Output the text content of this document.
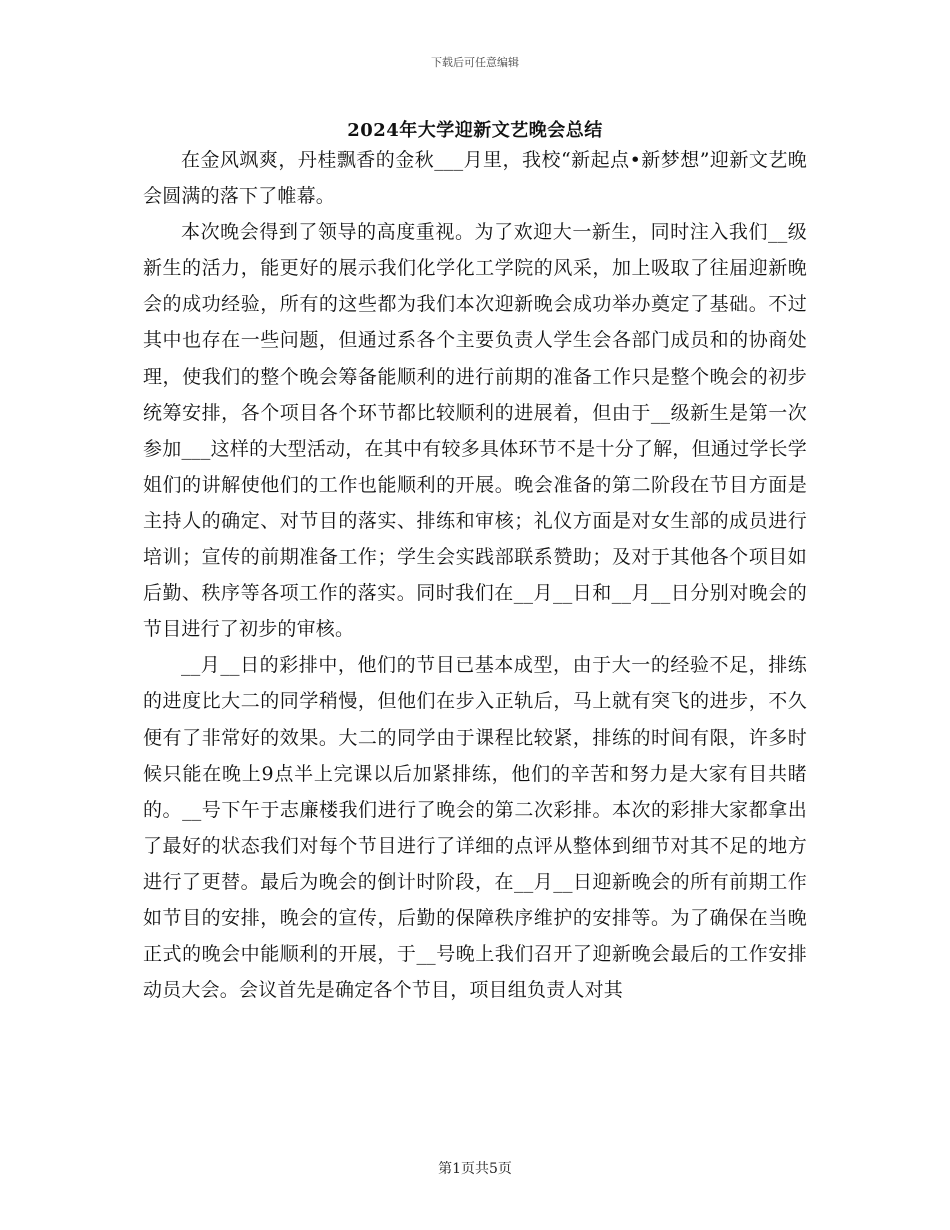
下载后可任意编辑
2024年大学迎新文艺晚会总结

在金风飒爽，丹桂飘香的金秋___月里，我校“新起点•新梦想”迎新文艺晚会圆满的落下了帷幕。

本次晚会得到了领导的高度重视。为了欢迎大一新生，同时注入我们__级新生的活力，能更好的展示我们化学化工学院的风采，加上吸取了往届迎新晚会的成功经验，所有的这些都为我们本次迎新晚会成功举办奠定了基础。不过其中也存在一些问题，但通过系各个主要负责人学生会各部门成员和的协商处理，使我们的整个晚会筹备能顺利的进行前期的准备工作只是整个晚会的初步统筹安排，各个项目各个环节都比较顺利的进展着，但由于__级新生是第一次参加___这样的大型活动，在其中有较多具体环节不是十分了解，但通过学长学姐们的讲解使他们的工作也能顺利的开展。晚会准备的第二阶段在节目方面是主持人的确定、对节目的落实、排练和审核；礼仪方面是对女生部的成员进行培训；宣传的前期准备工作；学生会实践部联系赞助；及对于其他各个项目如后勤、秩序等各项工作的落实。同时我们在__月__日和__月__日分别对晚会的节目进行了初步的审核。

__月__日的彩排中，他们的节目已基本成型，由于大一的经验不足，排练的进度比大二的同学稍慢，但他们在步入正轨后，马上就有突飞的进步，不久便有了非常好的效果。大二的同学由于课程比较紧，排练的时间有限，许多时候只能在晚上9点半上完课以后加紧排练，他们的辛苦和努力是大家有目共睹的。__号下午于志廉楼我们进行了晚会的第二次彩排。本次的彩排大家都拿出了最好的状态我们对每个节目进行了详细的点评从整体到细节对其不足的地方进行了更替。最后为晚会的倒计时阶段，在__月__日迎新晚会的所有前期工作如节目的安排，晚会的宣传，后勤的保障秩序维护的安排等。为了确保在当晚正式的晚会中能顺利的开展，于__号晚上我们召开了迎新晚会最后的工作安排动员大会。会议首先是确定各个节目，项目组负责人对其

第1页共5页
